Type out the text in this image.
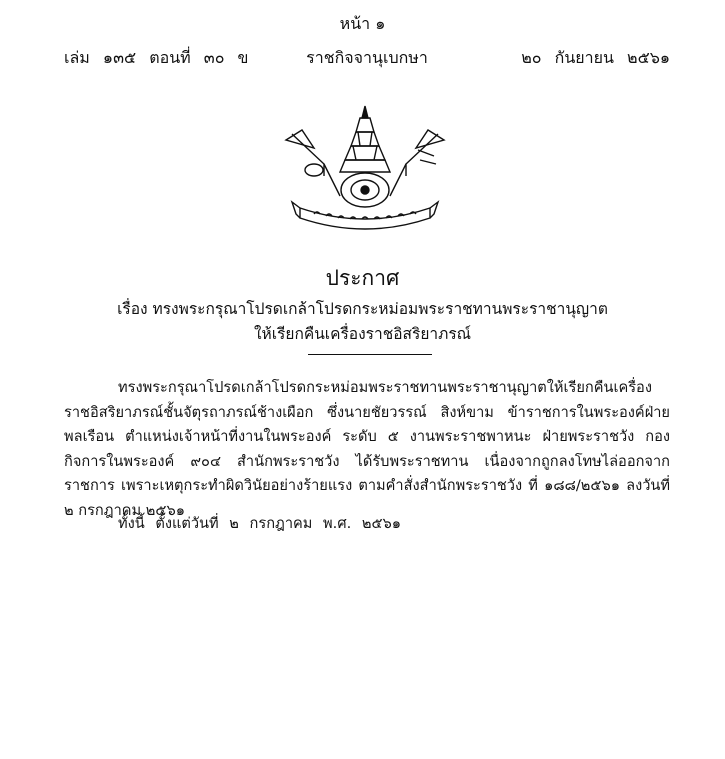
หน้า ๑
เล่ม ๑๓๕ ตอนที่ ๓๐ ข	ราชกิจจานุเบกษา	๒๐ กันยายน ๒๕๖๑
ประกาศ
เรื่อง ทรงพระกรุณาโปรดเกล้าโปรดกระหม่อมพระราชทานพระราชานุญาต
ให้เรียกคืนเครื่องราชอิสริยาภรณ์

ทรงพระกรุณาโปรดเกล้าโปรดกระหม่อมพระราชทานพระราชานุญาตให้เรียกคืนเครื่องราชอิสริยาภรณ์ชั้นจัตุรถาภรณ์ช้างเผือก ซึ่งนายชัยวรรณ์ สิงห์ขาม ข้าราชการในพระองค์ฝ่ายพลเรือน ตำแหน่งเจ้าหน้าที่งานในพระองค์ ระดับ ๕ งานพระราชพาหนะ ฝ่ายพระราชวัง กองกิจการในพระองค์ ๙๐๔ สำนักพระราชวัง ได้รับพระราชทาน เนื่องจากถูกลงโทษไล่ออกจากราชการ เพราะเหตุกระทำผิดวินัยอย่างร้ายแรง ตามคำสั่งสำนักพระราชวัง ที่ ๑๘๘/๒๕๖๑ ลงวันที่ ๒ กรกฎาคม ๒๕๖๑

ทั้งนี้ ตั้งแต่วันที่ ๒ กรกฎาคม พ.ศ. ๒๕๖๑
